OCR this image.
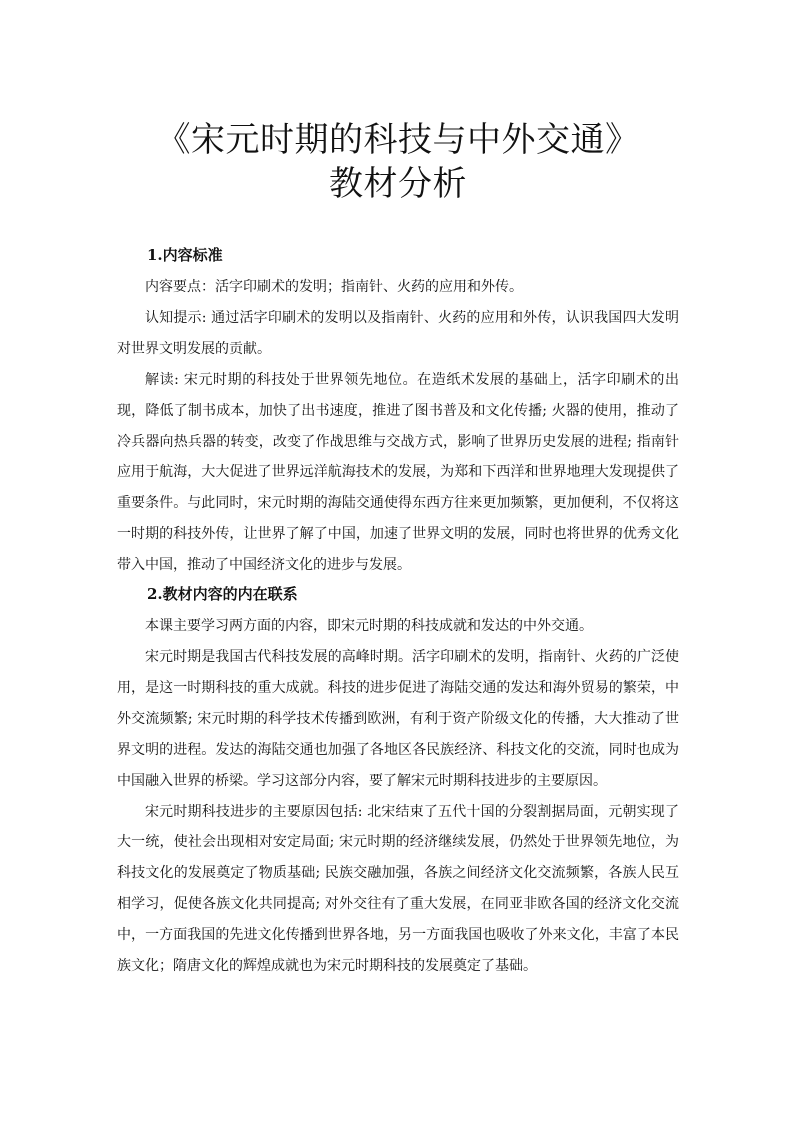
《宋元时期的科技与中外交通》
教材分析

1.内容标准

内容要点：活字印刷术的发明；指南针、火药的应用和外传。

认知提示: 通过活字印刷术的发明以及指南针、火药的应用和外传，认识我国四大发明对世界文明发展的贡献。

解读: 宋元时期的科技处于世界领先地位。在造纸术发展的基础上，活字印刷术的出现，降低了制书成本，加快了出书速度，推进了图书普及和文化传播; 火器的使用，推动了冷兵器向热兵器的转变，改变了作战思维与交战方式，影响了世界历史发展的进程; 指南针应用于航海，大大促进了世界远洋航海技术的发展，为郑和下西洋和世界地理大发现提供了重要条件。与此同时，宋元时期的海陆交通使得东西方往来更加频繁，更加便利，不仅将这一时期的科技外传，让世界了解了中国，加速了世界文明的发展，同时也将世界的优秀文化带入中国，推动了中国经济文化的进步与发展。

2.教材内容的内在联系

本课主要学习两方面的内容，即宋元时期的科技成就和发达的中外交通。

宋元时期是我国古代科技发展的高峰时期。活字印刷术的发明，指南针、火药的广泛使用，是这一时期科技的重大成就。科技的进步促进了海陆交通的发达和海外贸易的繁荣，中外交流频繁; 宋元时期的科学技术传播到欧洲，有利于资产阶级文化的传播，大大推动了世界文明的进程。发达的海陆交通也加强了各地区各民族经济、科技文化的交流，同时也成为中国融入世界的桥梁。学习这部分内容，要了解宋元时期科技进步的主要原因。

宋元时期科技进步的主要原因包括: 北宋结束了五代十国的分裂割据局面，元朝实现了大一统，使社会出现相对安定局面; 宋元时期的经济继续发展，仍然处于世界领先地位，为科技文化的发展奠定了物质基础; 民族交融加强，各族之间经济文化交流频繁，各族人民互相学习，促使各族文化共同提高; 对外交往有了重大发展，在同亚非欧各国的经济文化交流中，一方面我国的先进文化传播到世界各地，另一方面我国也吸收了外来文化，丰富了本民族文化；隋唐文化的辉煌成就也为宋元时期科技的发展奠定了基础。
